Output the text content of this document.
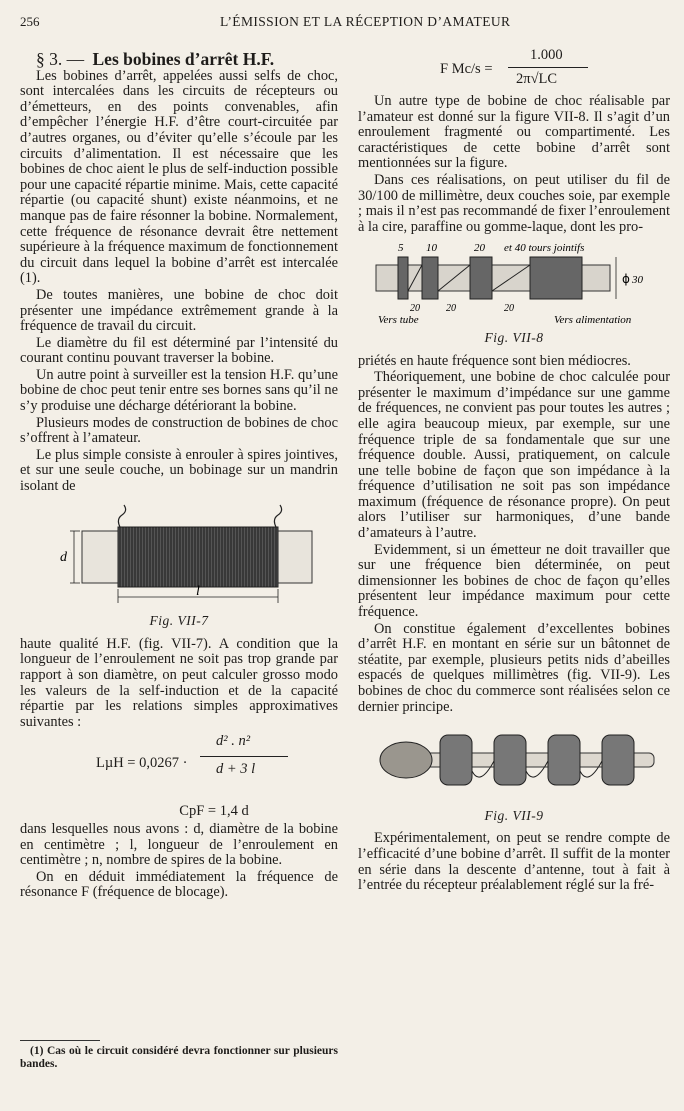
256	L’ÉMISSION ET LA RÉCEPTION D’AMATEUR

§ 3. — Les bobines d’arrêt H.F.

Les bobines d’arrêt, appelées aussi selfs de choc, sont intercalées dans les circuits de récepteurs ou d’émetteurs, en des points convenables, afin d’empêcher l’énergie H.F. d’être court-circuitée par d’autres organes, ou d’éviter qu’elle s’écoule par les circuits d’alimentation. Il est nécessaire que les bobines de choc aient le plus de self-induction possible pour une capacité répartie minime. Mais, cette capacité répartie (ou capacité shunt) existe néanmoins, et ne manque pas de faire résonner la bobine. Normalement, cette fréquence de résonance devrait être nettement supérieure à la fréquence maximum de fonctionnement du circuit dans lequel la bobine d’arrêt est intercalée (1).

De toutes manières, une bobine de choc doit présenter une impédance extrêmement grande à la fréquence de travail du circuit.

Le diamètre du fil est déterminé par l’intensité du courant continu pouvant traverser la bobine.

Un autre point à surveiller est la tension H.F. qu’une bobine de choc peut tenir entre ses bornes sans qu’il ne s’y produise une décharge détériorant la bobine.

Plusieurs modes de construction de bobines de choc s’offrent à l’amateur.

Le plus simple consiste à enrouler à spires jointives, et sur une seule couche, un bobinage sur un mandrin isolant de

d
l
Fig. VII-7

haute qualité H.F. (fig. VII-7). A condition que la longueur de l’enroulement ne soit pas trop grande par rapport à son diamètre, on peut calculer grosso modo les valeurs de la self-induction et de la capacité répartie par les relations simples approximatives suivantes :

LµH = 0,0267 ·
d² . n²
d + 3 l
CpF = 1,4 d

dans lesquelles nous avons : d, diamètre de la bobine en centimètre ; l, longueur de l’enroulement en centimètre ; n, nombre de spires de la bobine.

On en déduit immédiatement la fréquence de résonance F (fréquence de blocage).

(1) Cas où le circuit considéré devra fonctionner sur plusieurs bandes.

F Mc/s =
1.000
2π√LC

Un autre type de bobine de choc réalisable par l’amateur est donné sur la figure VII-8. Il s’agit d’un enroulement fragmenté ou compartimenté. Les caractéristiques de cette bobine d’arrêt sont mentionnées sur la figure.

Dans ces réalisations, on peut utiliser du fil de 30/100 de millimètre, deux couches soie, par exemple ; mais il n’est pas recommandé de fixer l’enroulement à la cire, paraffine ou gomme-laque, dont les pro-

5 10	20 et 40 tours jointifs
ϕ 30
20	20	20
Vers tube	Vers alimentation
Fig. VII-8

priétés en haute fréquence sont bien médiocres.

Théoriquement, une bobine de choc calculée pour présenter le maximum d’impédance sur une gamme de fréquences, ne convient pas pour toutes les autres ; elle agira beaucoup mieux, par exemple, sur une fréquence triple de sa fondamentale que sur une fréquence double. Aussi, pratiquement, on calcule une telle bobine de façon que son impédance à la fréquence d’utilisation ne soit pas son impédance maximum (fréquence de résonance propre). On peut alors l’utiliser sur harmoniques, d’une bande d’amateurs à l’autre.

Evidemment, si un émetteur ne doit travailler que sur une fréquence bien déterminée, on peut dimensionner les bobines de choc de façon qu’elles présentent leur impédance maximum pour cette fréquence.

On constitue également d’excellentes bobines d’arrêt H.F. en montant en série sur un bâtonnet de stéatite, par exemple, plusieurs petits nids d’abeilles espacés de quelques millimètres (fig. VII-9). Les bobines de choc du commerce sont réalisées selon ce dernier principe.

Fig. VII-9

Expérimentalement, on peut se rendre compte de l’efficacité d’une bobine d’arrêt. Il suffit de la monter en série dans la descente d’antenne, tout à fait à l’entrée du récepteur préalablement réglé sur la fré-
